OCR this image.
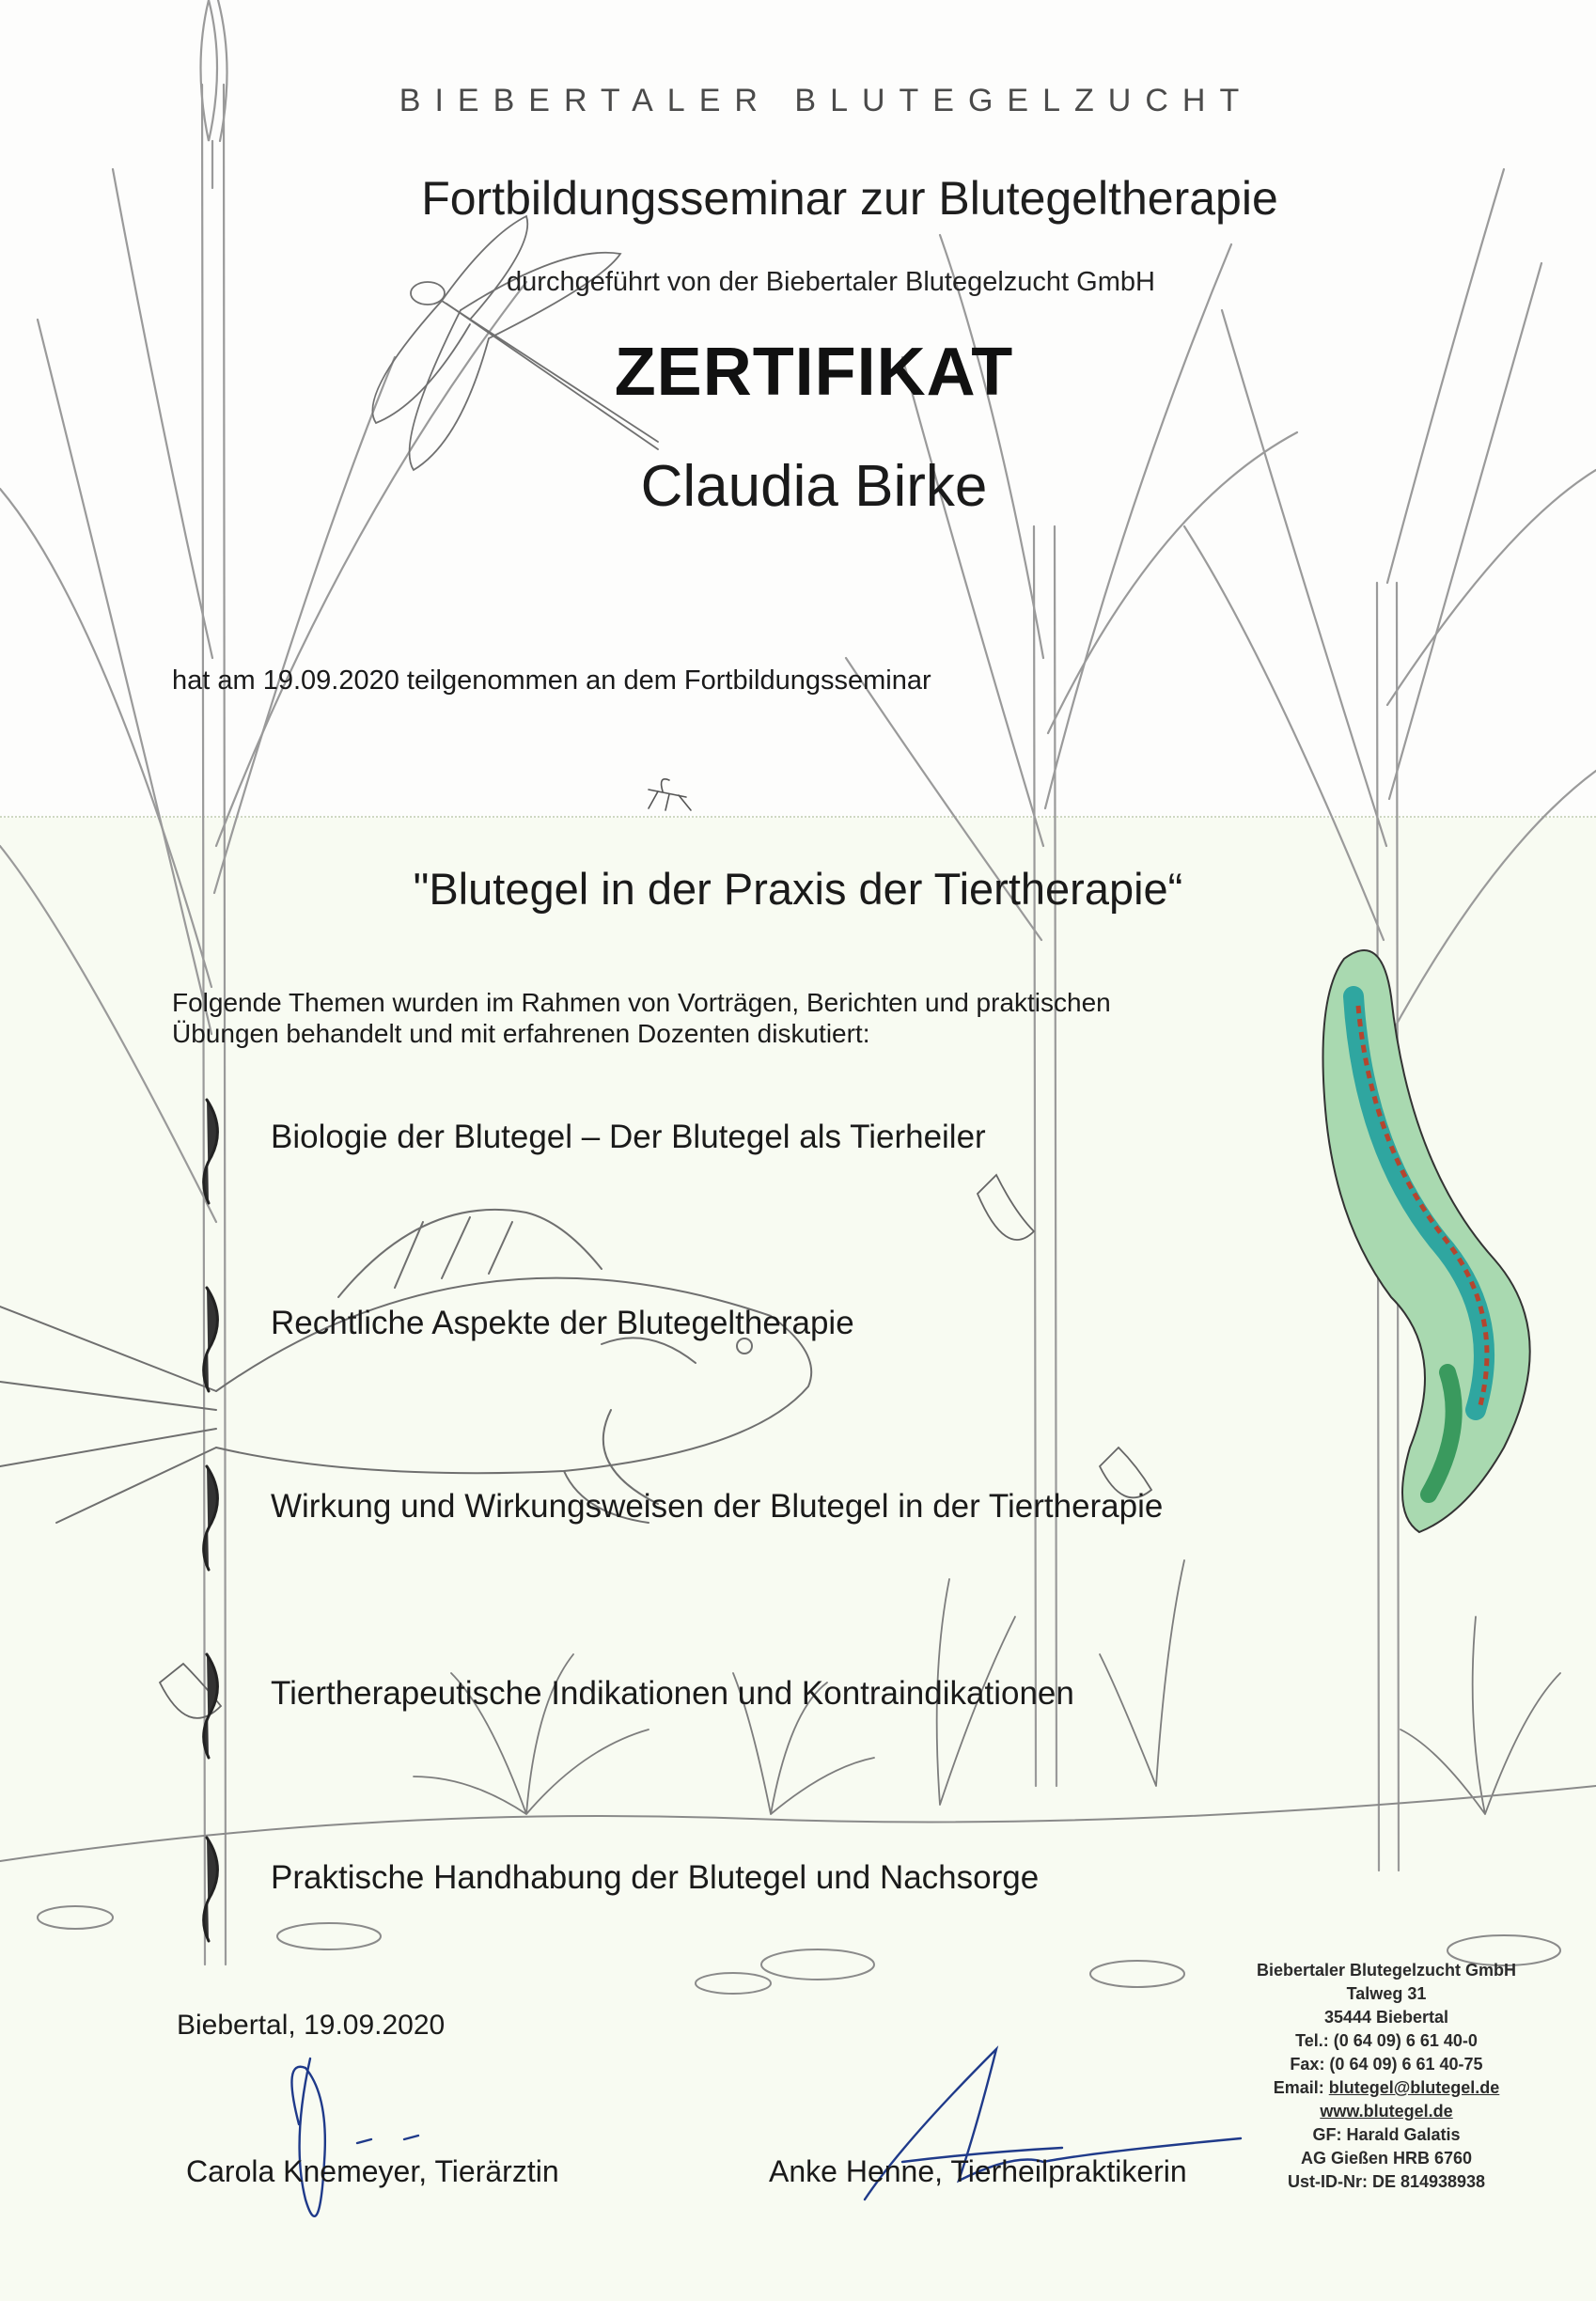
BIEBERTALER BLUTEGELZUCHT
Fortbildungsseminar zur Blutegeltherapie
durchgeführt von der Biebertaler Blutegelzucht GmbH
ZERTIFIKAT
Claudia Birke
hat am 19.09.2020 teilgenommen an dem Fortbildungsseminar
"Blutegel in der Praxis der Tiertherapie“
Folgende Themen wurden im Rahmen von Vorträgen, Berichten und praktischen Übungen behandelt und mit erfahrenen Dozenten diskutiert:
Biologie der Blutegel – Der Blutegel als Tierheiler
Rechtliche Aspekte der Blutegeltherapie
Wirkung und Wirkungsweisen der Blutegel in der Tiertherapie
Tiertherapeutische Indikationen und Kontraindikationen
Praktische Handhabung der Blutegel und Nachsorge
Biebertal, 19.09.2020
Carola Knemeyer, Tierärztin	Anke Henne, Tierheilpraktikerin
Biebertaler Blutegelzucht GmbH
Talweg 31
35444 Biebertal
Tel.: (0 64 09) 6 61 40-0
Fax: (0 64 09) 6 61 40-75
Email: blutegel@blutegel.de
www.blutegel.de
GF: Harald Galatis
AG Gießen HRB 6760
Ust-ID-Nr: DE 814938938
